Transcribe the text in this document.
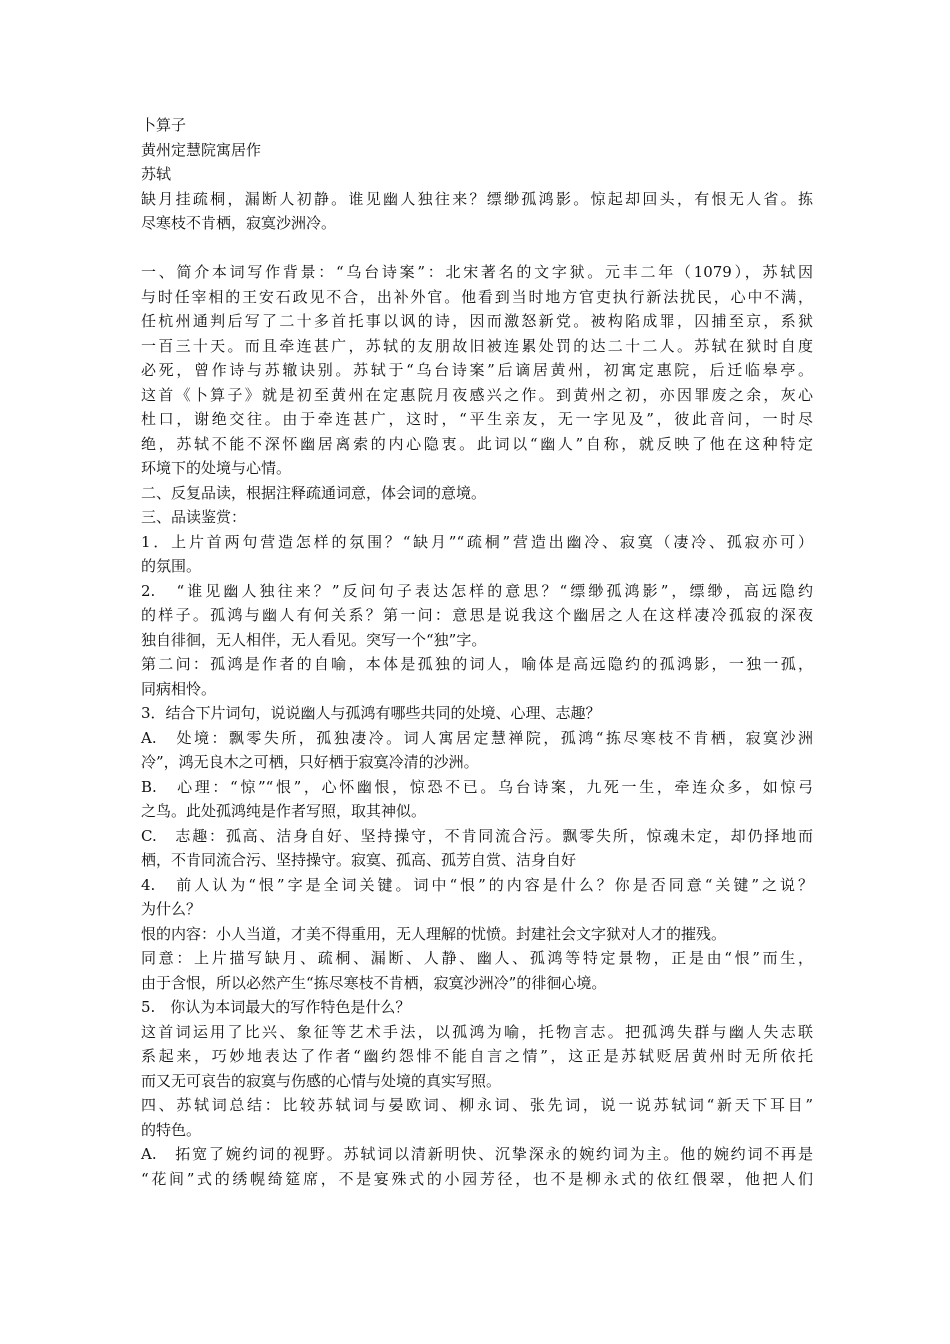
卜算子
黄州定慧院寓居作
苏轼
缺月挂疏桐，漏断人初静。谁见幽人独往来？缥缈孤鸿影。惊起却回头，有恨无人省。拣
尽寒枝不肯栖，寂寞沙洲冷。
一、简介本词写作背景：“乌台诗案”：北宋著名的文字狱。元丰二年（1079），苏轼因
与时任宰相的王安石政见不合，出补外官。他看到当时地方官吏执行新法扰民，心中不满，
任杭州通判后写了二十多首托事以讽的诗，因而激怒新党。被构陷成罪，囚捕至京，系狱
一百三十天。而且牵连甚广，苏轼的友朋故旧被连累处罚的达二十二人。苏轼在狱时自度
必死，曾作诗与苏辙诀别。苏轼于“乌台诗案”后谪居黄州，初寓定惠院，后迁临皋亭。
这首《卜算子》就是初至黄州在定惠院月夜感兴之作。到黄州之初，亦因罪废之余，灰心
杜口，谢绝交往。由于牵连甚广，这时，“平生亲友，无一字见及”，彼此音问，一时尽
绝，苏轼不能不深怀幽居离索的内心隐衷。此词以“幽人”自称，就反映了他在这种特定
环境下的处境与心情。
二、反复品读，根据注释疏通词意，体会词的意境。
三、品读鉴赏：
1．上片首两句营造怎样的氛围？“缺月”“疏桐”营造出幽冷、寂寞（凄冷、孤寂亦可）
的氛围。
2.　“谁见幽人独往来？”反问句子表达怎样的意思？“缥缈孤鸿影”，缥缈，高远隐约
的样子。孤鸿与幽人有何关系？第一问：意思是说我这个幽居之人在这样凄冷孤寂的深夜
独自徘徊，无人相伴，无人看见。突写一个“独”字。
第二问：孤鸿是作者的自喻，本体是孤独的词人，喻体是高远隐约的孤鸿影，一独一孤，
同病相怜。
3．结合下片词句，说说幽人与孤鸿有哪些共同的处境、心理、志趣？
A.　处境：飘零失所，孤独凄冷。词人寓居定慧禅院，孤鸿“拣尽寒枝不肯栖，寂寞沙洲
冷”，鸿无良木之可栖，只好栖于寂寞冷清的沙洲。
B.　心理：“惊”“恨”，心怀幽恨，惊恐不已。乌台诗案，九死一生，牵连众多，如惊弓
之鸟。此处孤鸿纯是作者写照，取其神似。
C.　志趣：孤高、洁身自好、坚持操守，不肯同流合污。飘零失所，惊魂未定，却仍择地而
栖，不肯同流合污、坚持操守。寂寞、孤高、孤芳自赏、洁身自好
4.　前人认为“恨”字是全词关键。词中“恨”的内容是什么？你是否同意“关键”之说？
为什么？
恨的内容：小人当道，才美不得重用，无人理解的忧愤。封建社会文字狱对人才的摧残。
同意：上片描写缺月、疏桐、漏断、人静、幽人、孤鸿等特定景物，正是由“恨”而生，
由于含恨，所以必然产生“拣尽寒枝不肯栖，寂寞沙洲冷”的徘徊心境。
5.　你认为本词最大的写作特色是什么？
这首词运用了比兴、象征等艺术手法，以孤鸿为喻，托物言志。把孤鸿失群与幽人失志联
系起来，巧妙地表达了作者“幽约怨悱不能自言之情”，这正是苏轼贬居黄州时无所依托
而又无可哀告的寂寞与伤感的心情与处境的真实写照。
四、苏轼词总结：比较苏轼词与晏欧词、柳永词、张先词，说一说苏轼词“新天下耳目”
的特色。
A.　拓宽了婉约词的视野。苏轼词以清新明快、沉挚深永的婉约词为主。他的婉约词不再是
“花间”式的绣幌绮筵席，不是宴殊式的小园芳径，也不是柳永式的依红偎翠，他把人们
